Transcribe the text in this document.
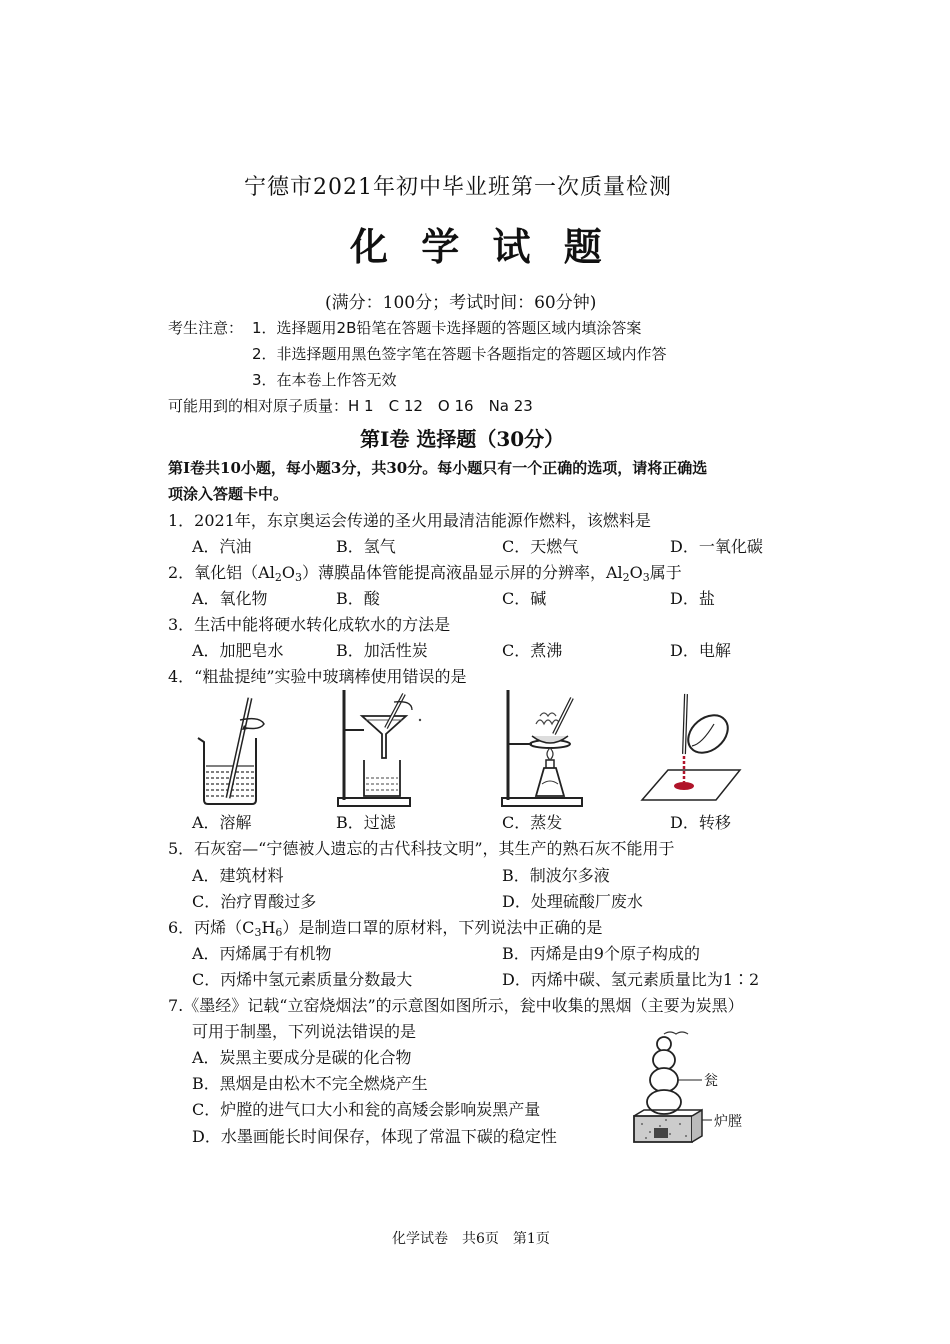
宁德市2021年初中毕业班第一次质量检测
化 学 试 题
(满分：100分；考试时间：60分钟)
考生注意： 1．选择题用2B铅笔在答题卡选择题的答题区域内填涂答案
2．非选择题用黑色签字笔在答题卡各题指定的答题区域内作答
3．在本卷上作答无效
可能用到的相对原子质量：H 1　C 12　O 16　Na 23
第Ⅰ卷 选择题（30分）
第Ⅰ卷共10小题，每小题3分，共30分。每小题只有一个正确的选项，请将正确选
项涂入答题卡中。
1．2021年，东京奥运会传递的圣火用最清洁能源作燃料，该燃料是
A．汽油	B．氢气	C．天燃气	D．一氧化碳
2．氧化铝$(Al_2O_3)$薄膜晶体管能提高液晶显示屏的分辨率，$Al_2O_3$属于
A．氧化物	B．酸	C．碱	D．盐
3．生活中能将硬水转化成软水的方法是
A．加肥皂水	B．加活性炭	C．煮沸	D．电解
4．“粗盐提纯”实验中玻璃棒使用错误的是
A．溶解	B．过滤	C．蒸发	D．转移
5．石灰窑—“宁德被人遗忘的古代科技文明”，其生产的熟石灰不能用于
A．建筑材料	B．制波尔多液
C．治疗胃酸过多	D．处理硫酸厂废水
6．丙烯$(C_3H_6)$是制造口罩的原材料，下列说法中正确的是
A．丙烯属于有机物	B．丙烯是由9个原子构成的
C．丙烯中氢元素质量分数最大	D．丙烯中碳、氢元素质量比为1∶2
7.《墨经》记载“立窑烧烟法”的示意图如图所示，瓮中收集的黑烟（主要为炭黑）
可用于制墨，下列说法错误的是
A．炭黑主要成分是碳的化合物
B．黑烟是由松木不完全燃烧产生
C．炉膛的进气口大小和瓮的高矮会影响炭黑产量
D．水墨画能长时间保存，体现了常温下碳的稳定性
瓮
炉膛
化学试卷　共6页　第1页
